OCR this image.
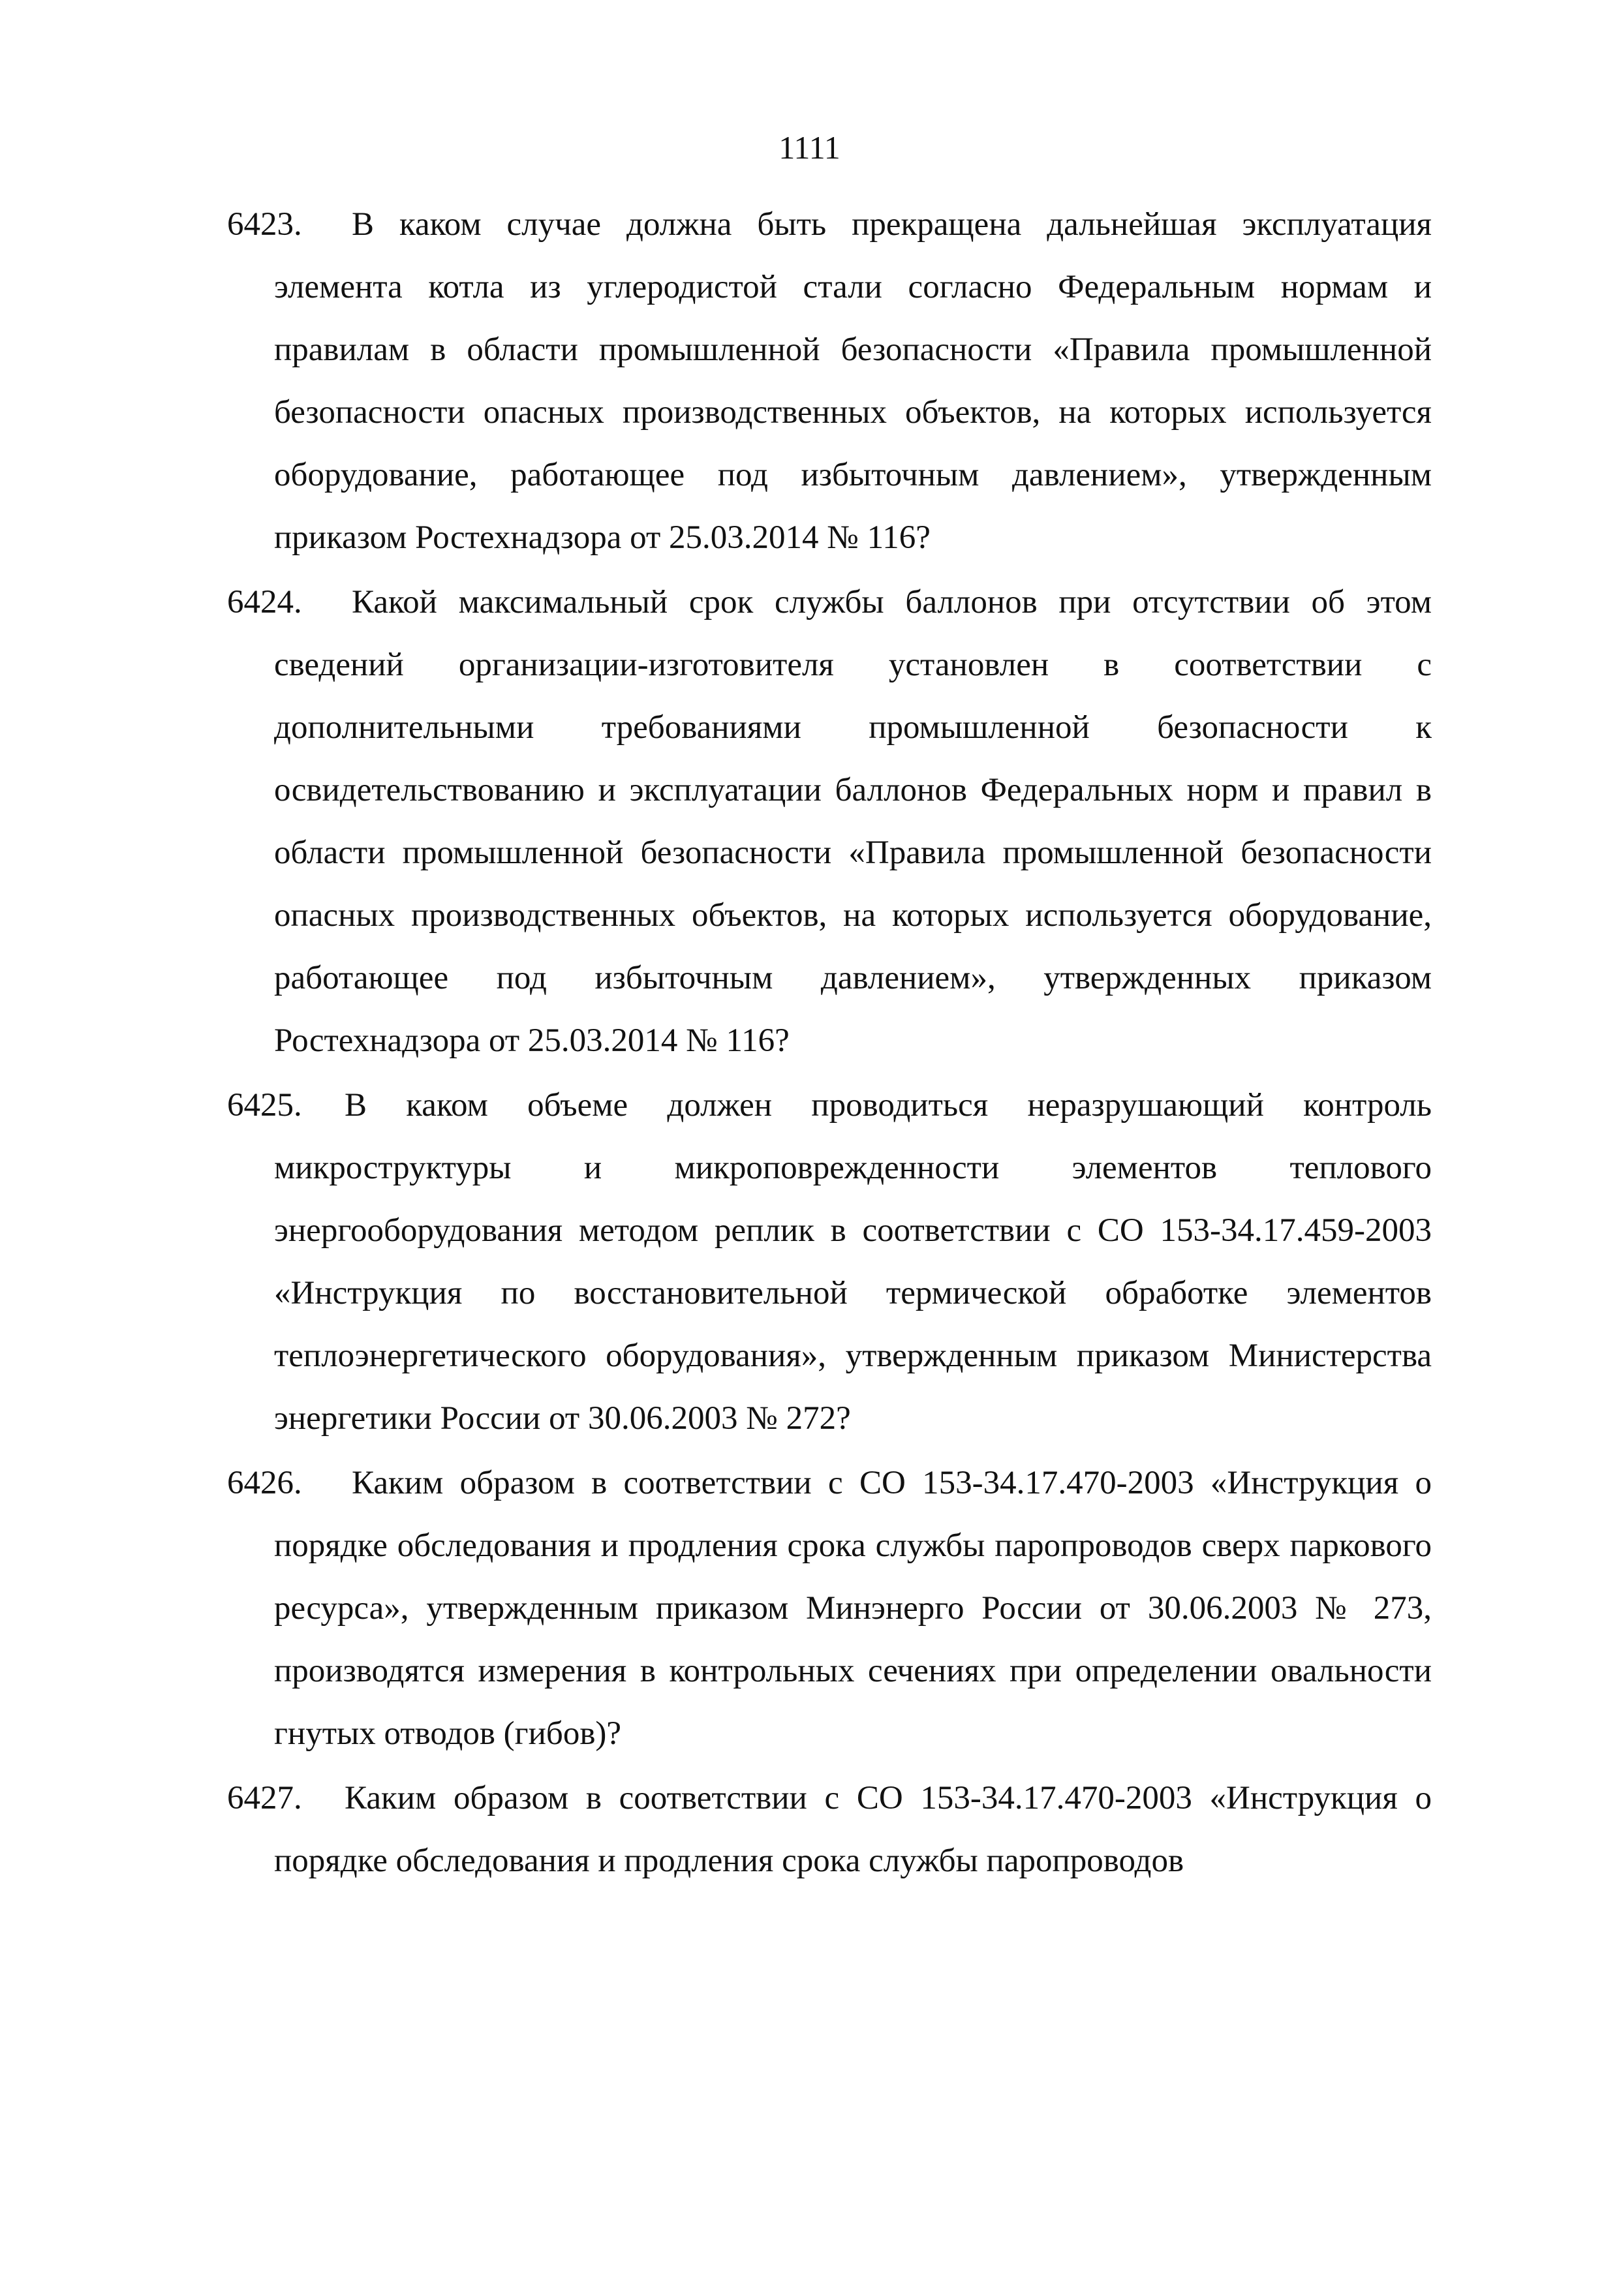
1111
6423.	В каком случае должна быть прекращена дальнейшая эксплуатация элемента котла из углеродистой стали согласно Федеральным нормам и правилам в области промышленной безопасности «Правила промышленной безопасности опасных производственных объектов, на которых используется оборудование, работающее под избыточным давлением», утвержденным приказом Ростехнадзора от 25.03.2014 № 116?
6424.	Какой максимальный срок службы баллонов при отсутствии об этом сведений организации-изготовителя установлен в соответствии с дополнительными требованиями промышленной безопасности к освидетельствованию и эксплуатации баллонов Федеральных норм и правил в области промышленной безопасности «Правила промышленной безопасности опасных производственных объектов, на которых используется оборудование, работающее под избыточным давлением», утвержденных приказом Ростехнадзора от 25.03.2014 № 116?
6425.	В каком объеме должен проводиться неразрушающий контроль микроструктуры и микроповрежденности элементов теплового энергооборудования методом реплик в соответствии с СО 153-34.17.459-2003 «Инструкция по восстановительной термической обработке элементов теплоэнергетического оборудования», утвержденным приказом Министерства энергетики России от 30.06.2003 № 272?
6426.	Каким образом в соответствии с СО 153-34.17.470-2003 «Инструкция о порядке обследования и продления срока службы паропроводов сверх паркового ресурса», утвержденным приказом Минэнерго России от 30.06.2003 № 273, производятся измерения в контрольных сечениях при определении овальности гнутых отводов (гибов)?
6427.	Каким образом в соответствии с СО 153-34.17.470-2003 «Инструкция о порядке обследования и продления срока службы паропроводов
